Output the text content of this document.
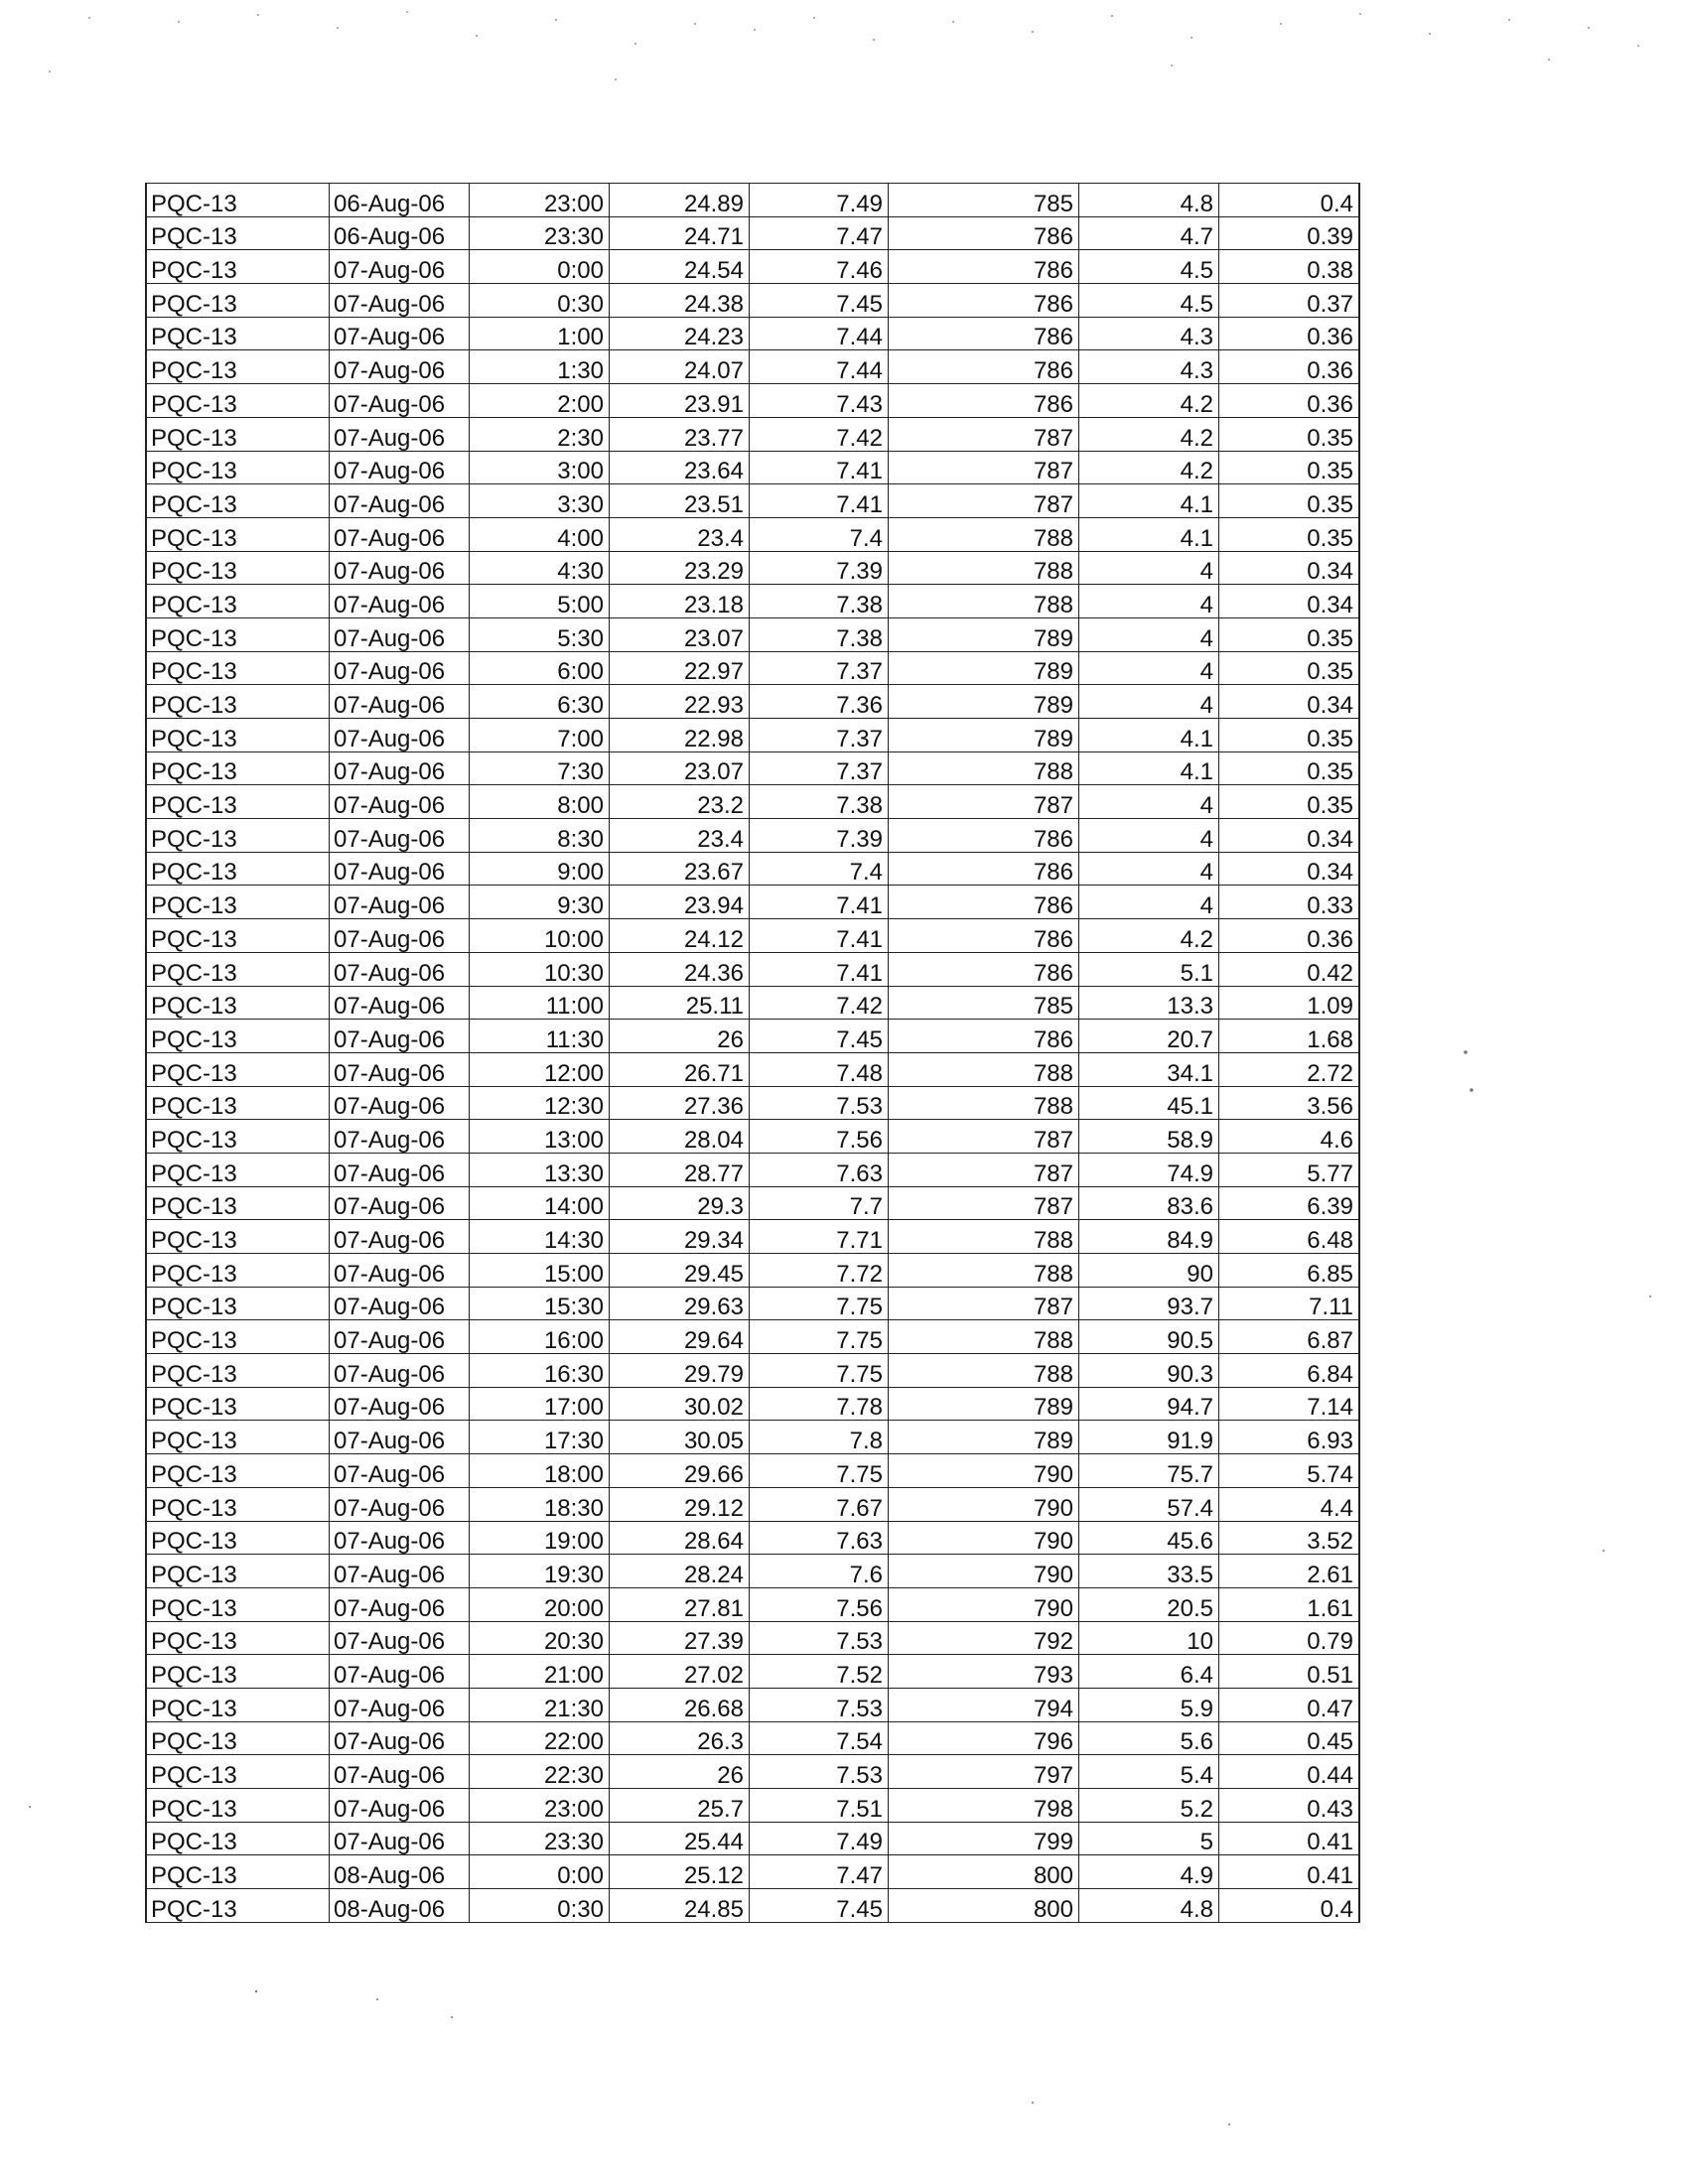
PQC-13	06-Aug-06	23:00	24.89	7.49	785	4.8	0.4
PQC-13	06-Aug-06	23:30	24.71	7.47	786	4.7	0.39
PQC-13	07-Aug-06	0:00	24.54	7.46	786	4.5	0.38
PQC-13	07-Aug-06	0:30	24.38	7.45	786	4.5	0.37
PQC-13	07-Aug-06	1:00	24.23	7.44	786	4.3	0.36
PQC-13	07-Aug-06	1:30	24.07	7.44	786	4.3	0.36
PQC-13	07-Aug-06	2:00	23.91	7.43	786	4.2	0.36
PQC-13	07-Aug-06	2:30	23.77	7.42	787	4.2	0.35
PQC-13	07-Aug-06	3:00	23.64	7.41	787	4.2	0.35
PQC-13	07-Aug-06	3:30	23.51	7.41	787	4.1	0.35
PQC-13	07-Aug-06	4:00	23.4	7.4	788	4.1	0.35
PQC-13	07-Aug-06	4:30	23.29	7.39	788	4	0.34
PQC-13	07-Aug-06	5:00	23.18	7.38	788	4	0.34
PQC-13	07-Aug-06	5:30	23.07	7.38	789	4	0.35
PQC-13	07-Aug-06	6:00	22.97	7.37	789	4	0.35
PQC-13	07-Aug-06	6:30	22.93	7.36	789	4	0.34
PQC-13	07-Aug-06	7:00	22.98	7.37	789	4.1	0.35
PQC-13	07-Aug-06	7:30	23.07	7.37	788	4.1	0.35
PQC-13	07-Aug-06	8:00	23.2	7.38	787	4	0.35
PQC-13	07-Aug-06	8:30	23.4	7.39	786	4	0.34
PQC-13	07-Aug-06	9:00	23.67	7.4	786	4	0.34
PQC-13	07-Aug-06	9:30	23.94	7.41	786	4	0.33
PQC-13	07-Aug-06	10:00	24.12	7.41	786	4.2	0.36
PQC-13	07-Aug-06	10:30	24.36	7.41	786	5.1	0.42
PQC-13	07-Aug-06	11:00	25.11	7.42	785	13.3	1.09
PQC-13	07-Aug-06	11:30	26	7.45	786	20.7	1.68
PQC-13	07-Aug-06	12:00	26.71	7.48	788	34.1	2.72
PQC-13	07-Aug-06	12:30	27.36	7.53	788	45.1	3.56
PQC-13	07-Aug-06	13:00	28.04	7.56	787	58.9	4.6
PQC-13	07-Aug-06	13:30	28.77	7.63	787	74.9	5.77
PQC-13	07-Aug-06	14:00	29.3	7.7	787	83.6	6.39
PQC-13	07-Aug-06	14:30	29.34	7.71	788	84.9	6.48
PQC-13	07-Aug-06	15:00	29.45	7.72	788	90	6.85
PQC-13	07-Aug-06	15:30	29.63	7.75	787	93.7	7.11
PQC-13	07-Aug-06	16:00	29.64	7.75	788	90.5	6.87
PQC-13	07-Aug-06	16:30	29.79	7.75	788	90.3	6.84
PQC-13	07-Aug-06	17:00	30.02	7.78	789	94.7	7.14
PQC-13	07-Aug-06	17:30	30.05	7.8	789	91.9	6.93
PQC-13	07-Aug-06	18:00	29.66	7.75	790	75.7	5.74
PQC-13	07-Aug-06	18:30	29.12	7.67	790	57.4	4.4
PQC-13	07-Aug-06	19:00	28.64	7.63	790	45.6	3.52
PQC-13	07-Aug-06	19:30	28.24	7.6	790	33.5	2.61
PQC-13	07-Aug-06	20:00	27.81	7.56	790	20.5	1.61
PQC-13	07-Aug-06	20:30	27.39	7.53	792	10	0.79
PQC-13	07-Aug-06	21:00	27.02	7.52	793	6.4	0.51
PQC-13	07-Aug-06	21:30	26.68	7.53	794	5.9	0.47
PQC-13	07-Aug-06	22:00	26.3	7.54	796	5.6	0.45
PQC-13	07-Aug-06	22:30	26	7.53	797	5.4	0.44
PQC-13	07-Aug-06	23:00	25.7	7.51	798	5.2	0.43
PQC-13	07-Aug-06	23:30	25.44	7.49	799	5	0.41
PQC-13	08-Aug-06	0:00	25.12	7.47	800	4.9	0.41
PQC-13	08-Aug-06	0:30	24.85	7.45	800	4.8	0.4
